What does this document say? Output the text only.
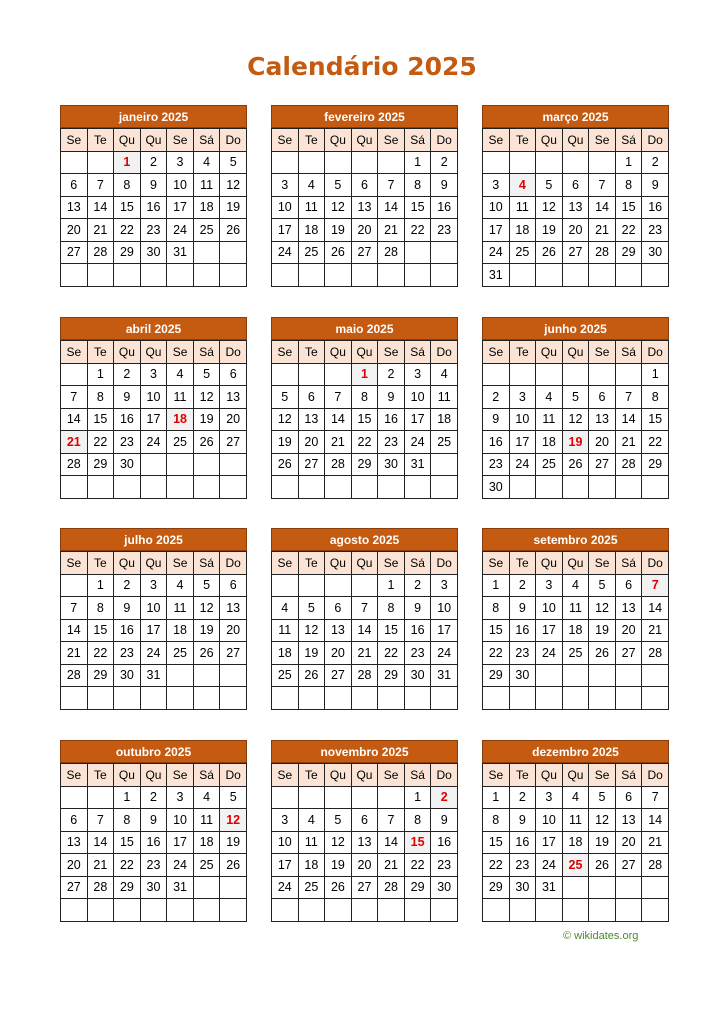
Calendário 2025
janeiro 2025
Se	Te	Qu	Qu	Se	Sá	Do
		1	2	3	4	5
6	7	8	9	10	11	12
13	14	15	16	17	18	19
20	21	22	23	24	25	26
27	28	29	30	31		

fevereiro 2025
Se	Te	Qu	Qu	Se	Sá	Do
					1	2
3	4	5	6	7	8	9
10	11	12	13	14	15	16
17	18	19	20	21	22	23
24	25	26	27	28		

março 2025
Se	Te	Qu	Qu	Se	Sá	Do
					1	2
3	4	5	6	7	8	9
10	11	12	13	14	15	16
17	18	19	20	21	22	23
24	25	26	27	28	29	30
31						
abril 2025
Se	Te	Qu	Qu	Se	Sá	Do
	1	2	3	4	5	6
7	8	9	10	11	12	13
14	15	16	17	18	19	20
21	22	23	24	25	26	27
28	29	30				

maio 2025
Se	Te	Qu	Qu	Se	Sá	Do
			1	2	3	4
5	6	7	8	9	10	11
12	13	14	15	16	17	18
19	20	21	22	23	24	25
26	27	28	29	30	31	

junho 2025
Se	Te	Qu	Qu	Se	Sá	Do
						1
2	3	4	5	6	7	8
9	10	11	12	13	14	15
16	17	18	19	20	21	22
23	24	25	26	27	28	29
30						
julho 2025
Se	Te	Qu	Qu	Se	Sá	Do
	1	2	3	4	5	6
7	8	9	10	11	12	13
14	15	16	17	18	19	20
21	22	23	24	25	26	27
28	29	30	31			

agosto 2025
Se	Te	Qu	Qu	Se	Sá	Do
				1	2	3
4	5	6	7	8	9	10
11	12	13	14	15	16	17
18	19	20	21	22	23	24
25	26	27	28	29	30	31

setembro 2025
Se	Te	Qu	Qu	Se	Sá	Do
1	2	3	4	5	6	7
8	9	10	11	12	13	14
15	16	17	18	19	20	21
22	23	24	25	26	27	28
29	30					

outubro 2025
Se	Te	Qu	Qu	Se	Sá	Do
		1	2	3	4	5
6	7	8	9	10	11	12
13	14	15	16	17	18	19
20	21	22	23	24	25	26
27	28	29	30	31		

novembro 2025
Se	Te	Qu	Qu	Se	Sá	Do
					1	2
3	4	5	6	7	8	9
10	11	12	13	14	15	16
17	18	19	20	21	22	23
24	25	26	27	28	29	30

dezembro 2025
Se	Te	Qu	Qu	Se	Sá	Do
1	2	3	4	5	6	7
8	9	10	11	12	13	14
15	16	17	18	19	20	21
22	23	24	25	26	27	28
29	30	31				

© wikidates.org
